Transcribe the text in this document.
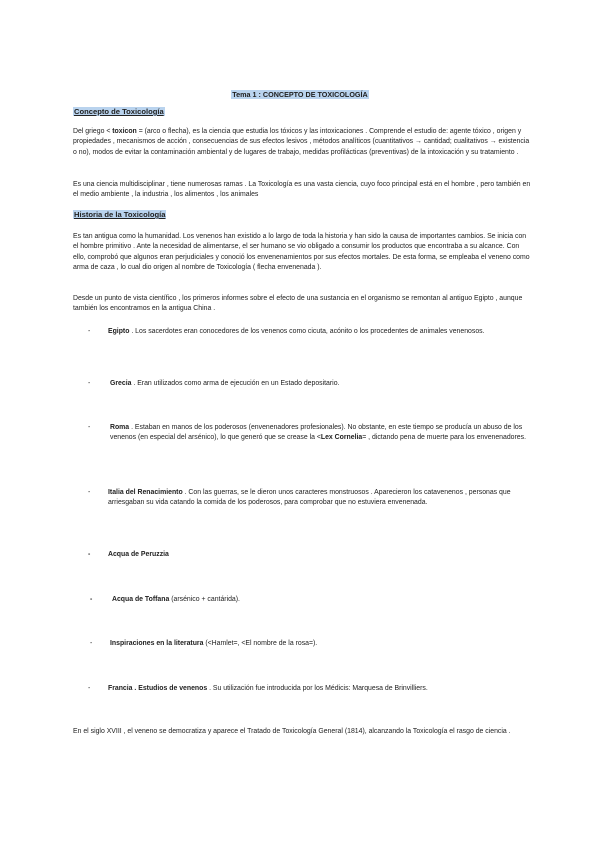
Tema 1 : CONCEPTO DE TOXICOLOGÍA
Concepto de Toxicología

Del griego < toxicon = (arco o flecha), es la ciencia que estudia los tóxicos y las intoxicaciones . Comprende el estudio de: agente tóxico , origen y propiedades , mecanismos de acción , consecuencias de sus efectos lesivos , métodos analíticos (cuantitativos → cantidad; cualitativos → existencia o no), modos de evitar la contaminación ambiental y de lugares de trabajo, medidas profilácticas (preventivas) de la intoxicación y su tratamiento .

Es una ciencia multidisciplinar , tiene numerosas ramas . La Toxicología es una vasta ciencia, cuyo foco principal está en el hombre , pero también en el medio ambiente , la industria , los alimentos , los animales

Historia de la Toxicología

Es tan antigua como la humanidad. Los venenos han existido a lo largo de toda la historia y han sido la causa de importantes cambios. Se inicia con el hombre primitivo . Ante la necesidad de alimentarse, el ser humano se vio obligado a consumir los productos que encontraba a su alcance. Con ello, comprobó que algunos eran perjudiciales y conoció los envenenamientos por sus efectos mortales. De esta forma, se empleaba el veneno como arma de caza , lo cual dio origen al nombre de Toxicología ( flecha envenenada ).

Desde un punto de vista científico , los primeros informes sobre el efecto de una sustancia en el organismo se remontan al antiguo Egipto , aunque también los encontramos en la antigua China .

-	Egipto . Los sacerdotes eran conocedores de los venenos como cicuta, acónito o los procedentes de animales venenosos.
-	Grecia . Eran utilizados como arma de ejecución en un Estado depositario.
-	Roma . Estaban en manos de los poderosos (envenenadores profesionales). No obstante, en este tiempo se producía un abuso de los venenos (en especial del arsénico), lo que generó que se crease la <Lex Cornelia= , dictando pena de muerte para los envenenadores.
-	Italia del Renacimiento . Con las guerras, se le dieron unos caracteres monstruosos . Aparecieron los catavenenos , personas que arriesgaban su vida catando la comida de los poderosos, para comprobar que no estuviera envenenada.
-	Acqua de Peruzzia
-	Acqua de Toffana (arsénico + cantárida).
-	Inspiraciones en la literatura (<Hamlet=, <El nombre de la rosa=).
-	Francia . Estudios de venenos . Su utilización fue introducida por los Médicis: Marquesa de Brinvilliers.

En el siglo XVIII , el veneno se democratiza y aparece el Tratado de Toxicología General (1814), alcanzando la Toxicología el rasgo de ciencia .
